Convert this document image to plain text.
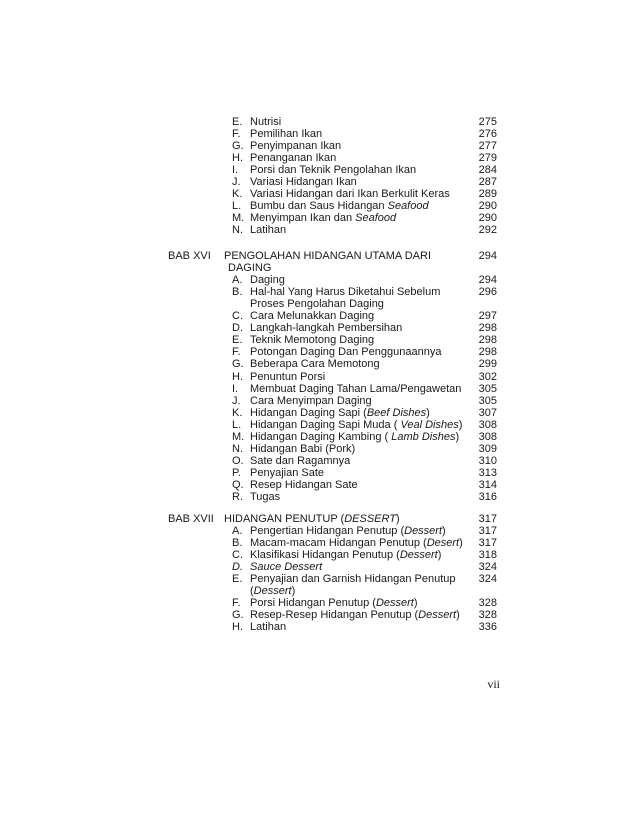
E. Nutrisi	275
F. Pemilihan Ikan	276
G. Penyimpanan Ikan	277
H. Penanganan Ikan	279
I. Porsi dan Teknik Pengolahan Ikan	284
J. Variasi Hidangan Ikan	287
K. Variasi Hidangan dari Ikan Berkulit Keras	289
L. Bumbu dan Saus Hidangan Seafood	290
M. Menyimpan Ikan dan Seafood	290
N. Latihan	292
BAB XVI PENGOLAHAN HIDANGAN UTAMA DARI	294
DAGING
A. Daging	294
B. Hal-hal Yang Harus Diketahui Sebelum	296
Proses Pengolahan Daging
C. Cara Melunakkan Daging	297
D. Langkah-langkah Pembersihan	298
E. Teknik Memotong Daging	298
F. Potongan Daging Dan Penggunaannya	298
G. Beberapa Cara Memotong	299
H. Penuntun Porsi	302
I. Membuat Daging Tahan Lama/Pengawetan	305
J. Cara Menyimpan Daging	305
K. Hidangan Daging Sapi (Beef Dishes)	307
L. Hidangan Daging Sapi Muda ( Veal Dishes)	308
M. Hidangan Daging Kambing ( Lamb Dishes)	308
N. Hidangan Babi (Pork)	309
O. Sate dan Ragamnya	310
P. Penyajian Sate	313
Q. Resep Hidangan Sate	314
R. Tugas	316
BAB XVII HIDANGAN PENUTUP (DESSERT)	317
A. Pengertian Hidangan Penutup (Dessert)	317
B. Macam-macam Hidangan Penutup (Desert)	317
C. Klasifikasi Hidangan Penutup (Dessert)	318
D. Sauce Dessert	324
E. Penyajian dan Garnish Hidangan Penutup	324
(Dessert)
F. Porsi Hidangan Penutup (Dessert)	328
G. Resep-Resep Hidangan Penutup (Dessert)	328
H. Latihan	336
vii
